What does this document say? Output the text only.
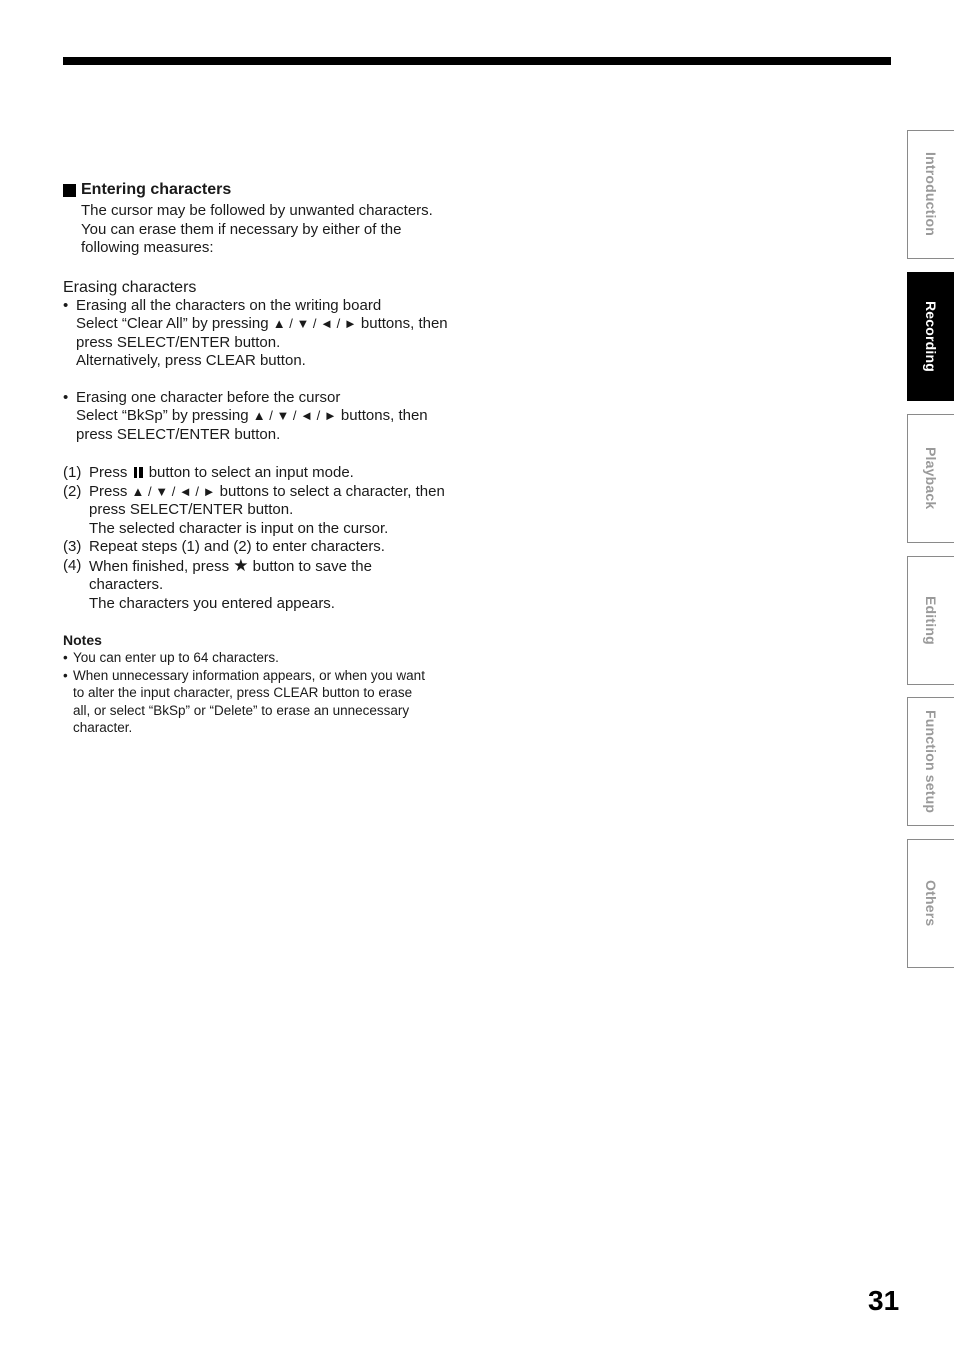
Entering characters
The cursor may be followed by unwanted characters.
You can erase them if necessary by either of the
following measures:
Erasing characters
• Erasing all the characters on the writing board
Select “Clear All” by pressing ▲ / ▼ / ◄ / ► buttons, then
press SELECT/ENTER button.
Alternatively, press CLEAR button.
• Erasing one character before the cursor
Select “BkSp” by pressing ▲ / ▼ / ◄ / ► buttons, then
press SELECT/ENTER button.
(1) Press button to select an input mode.
(2) Press ▲ / ▼ / ◄ / ► buttons to select a character, then
press SELECT/ENTER button.
The selected character is input on the cursor.
(3) Repeat steps (1) and (2) to enter characters.
(4) When finished, press ★ button to save the
characters.
The characters you entered appears.
Notes
• You can enter up to 64 characters.
• When unnecessary information appears, or when you want
to alter the input character, press CLEAR button to erase
all, or select “BkSp” or “Delete” to erase an unnecessary
character.
Introduction
Recording
Playback
Editing
Function setup
Others
31
